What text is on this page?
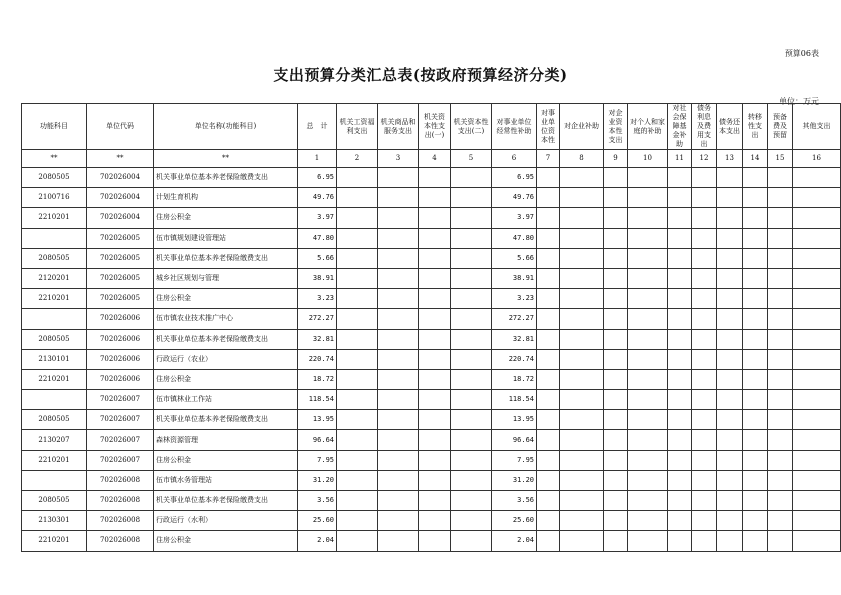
预算06表
支出预算分类汇总表(按政府预算经济分类)
单位：万元
功能科目	单位代码	单位名称(功能科目)	总　计	机关工资福利支出	机关商品和服务支出	机关资本性支出(一)	机关资本性支出(二)	对事业单位经常性补助	对事业单位资本性	对企业补助	对企业资本性支出	对个人和家庭的补助	对社会保障基金补助	债务利息及费用支出	债务还本支出	转移性支出	预备费及预留	其他支出
**	**	**	1	2	3	4	5	6	7	8	9	10	11	12	13	14	15	16
2080505	702026004	机关事业单位基本养老保险缴费支出	6.95					6.95										
2100716	702026004	计划生育机构	49.76					49.76										
2210201	702026004	住房公积金	3.97					3.97										
	702026005	伍市镇规划建设管理站	47.80					47.80										
2080505	702026005	机关事业单位基本养老保险缴费支出	5.66					5.66										
2120201	702026005	城乡社区规划与管理	38.91					38.91										
2210201	702026005	住房公积金	3.23					3.23										
	702026006	伍市镇农业技术推广中心	272.27					272.27										
2080505	702026006	机关事业单位基本养老保险缴费支出	32.81					32.81										
2130101	702026006	行政运行（农业）	220.74					220.74										
2210201	702026006	住房公积金	18.72					18.72										
	702026007	伍市镇林业工作站	118.54					118.54										
2080505	702026007	机关事业单位基本养老保险缴费支出	13.95					13.95										
2130207	702026007	森林资源管理	96.64					96.64										
2210201	702026007	住房公积金	7.95					7.95										
	702026008	伍市镇水务管理站	31.20					31.20										
2080505	702026008	机关事业单位基本养老保险缴费支出	3.56					3.56										
2130301	702026008	行政运行（水利）	25.60					25.60										
2210201	702026008	住房公积金	2.04					2.04										
